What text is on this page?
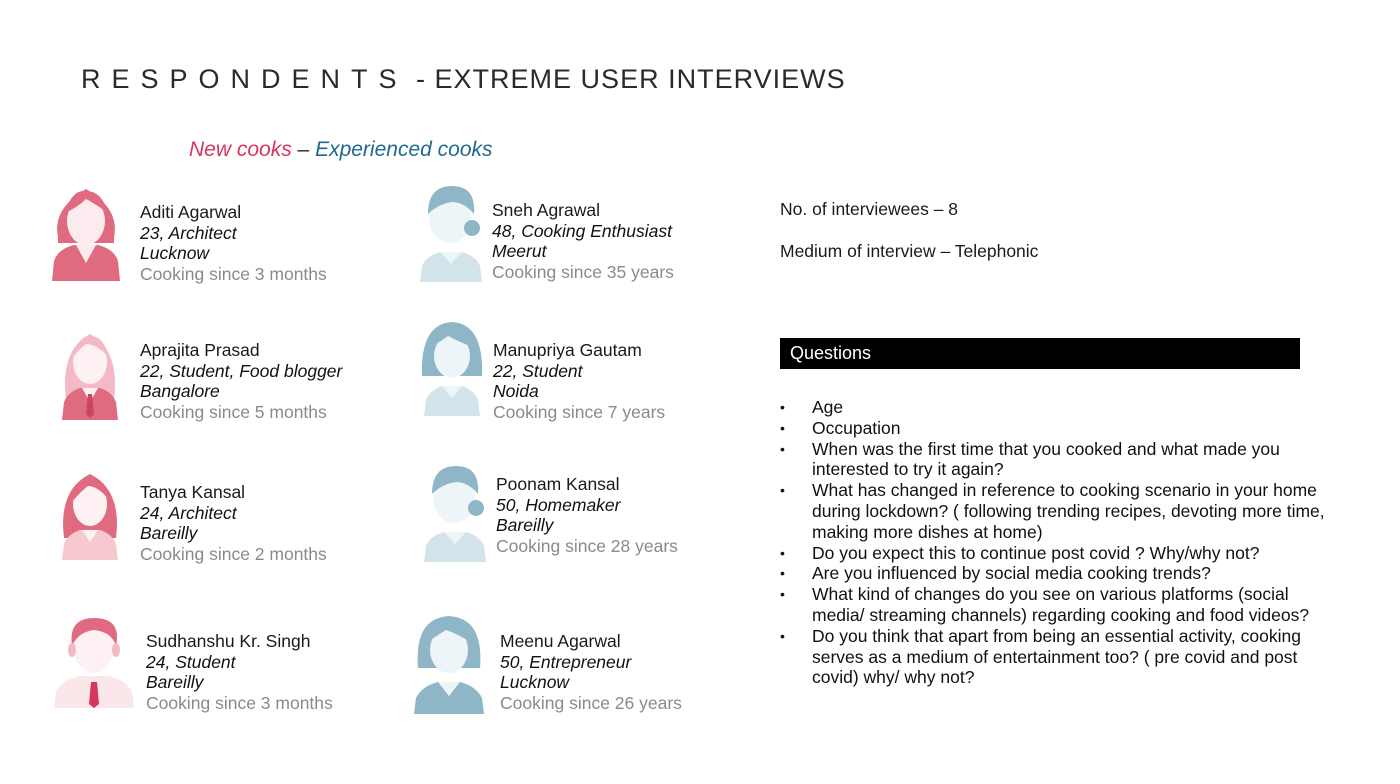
RESPONDENTS - EXTREME USER INTERVIEWS
New cooks – Experienced cooks
Aditi Agarwal
23, Architect
Lucknow
Cooking since 3 months
Aprajita Prasad
22, Student, Food blogger
Bangalore
Cooking since 5 months
Tanya Kansal
24, Architect
Bareilly
Cooking since 2 months
Sudhanshu Kr. Singh
24, Student
Bareilly
Cooking since 3 months
Sneh Agrawal
48, Cooking Enthusiast
Meerut
Cooking since 35 years
Manupriya Gautam
22, Student
Noida
Cooking since 7 years
Poonam Kansal
50, Homemaker
Bareilly
Cooking since 28 years
Meenu Agarwal
50, Entrepreneur
Lucknow
Cooking since 26 years
No. of interviewees – 8
Medium of interview – Telephonic
Questions
• Age
• Occupation
• When was the first time that you cooked and what made you interested to try it again?
• What has changed in reference to cooking scenario in your home during lockdown? ( following trending recipes, devoting more time, making more dishes at home)
• Do you expect this to continue post covid ? Why/why not?
• Are you influenced by social media cooking trends?
• What kind of changes do you see on various platforms (social media/ streaming channels) regarding cooking and food videos?
• Do you think that apart from being an essential activity, cooking serves as a medium of entertainment too? ( pre covid and post covid) why/ why not?
